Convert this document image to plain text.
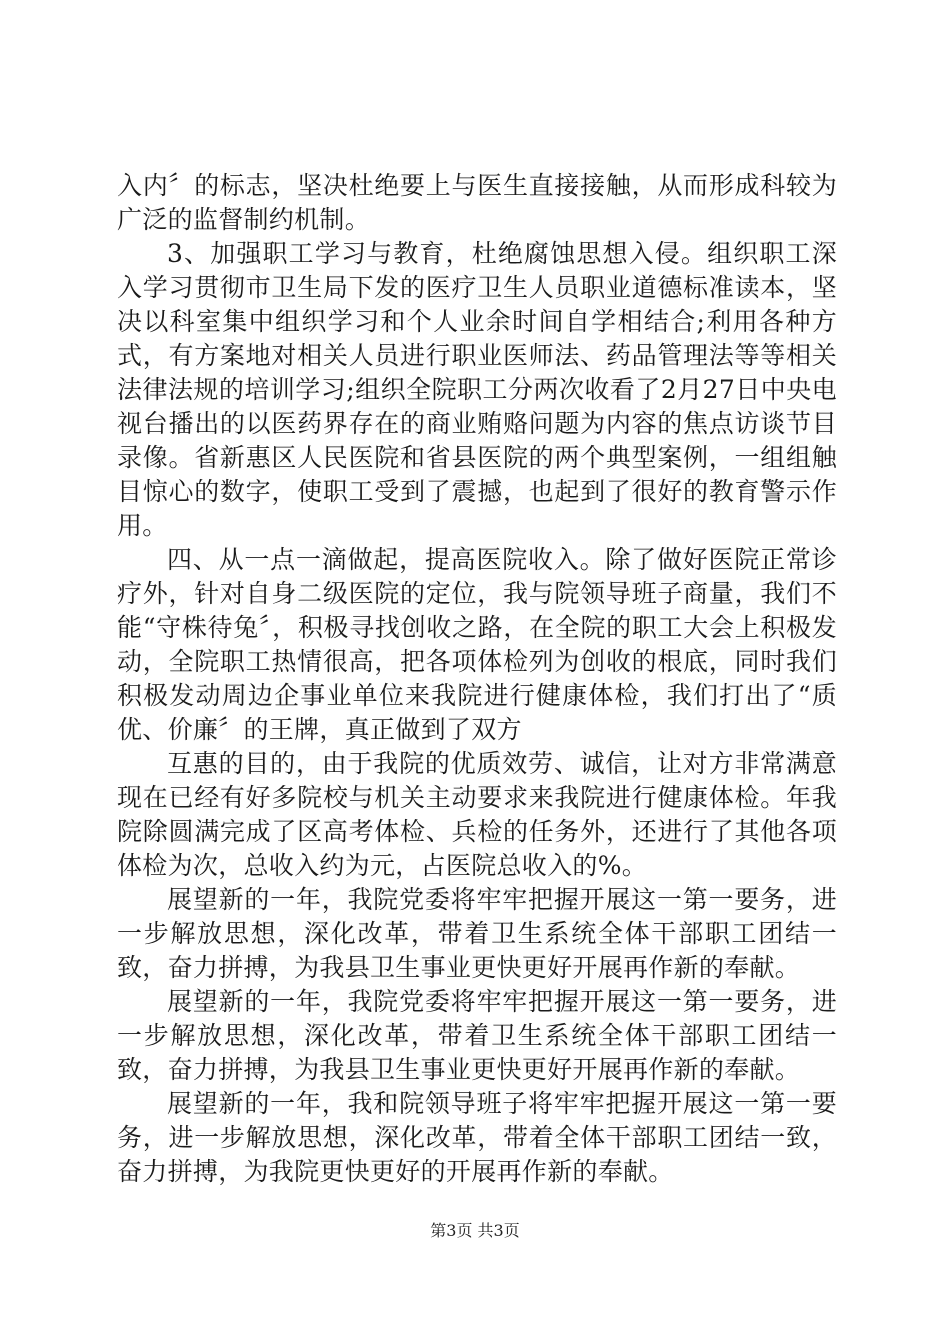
入内〞的标志，坚决杜绝要上与医生直接接触，从而形成科较为广泛的监督制约机制。

3、加强职工学习与教育，杜绝腐蚀思想入侵。组织职工深入学习贯彻市卫生局下发的医疗卫生人员职业道德标准读本，坚决以科室集中组织学习和个人业余时间自学相结合;利用各种方式，有方案地对相关人员进行职业医师法、药品管理法等等相关法律法规的培训学习;组织全院职工分两次收看了2月27日中央电视台播出的以医药界存在的商业贿赂问题为内容的焦点访谈节目录像。省新惠区人民医院和省县医院的两个典型案例，一组组触目惊心的数字，使职工受到了震撼，也起到了很好的教育警示作用。

四、从一点一滴做起，提高医院收入。除了做好医院正常诊疗外，针对自身二级医院的定位，我与院领导班子商量，我们不能“守株待兔〞，积极寻找创收之路，在全院的职工大会上积极发动，全院职工热情很高，把各项体检列为创收的根底，同时我们积极发动周边企事业单位来我院进行健康体检，我们打出了“质优、价廉〞的王牌，真正做到了双方

互惠的目的，由于我院的优质效劳、诚信，让对方非常满意现在已经有好多院校与机关主动要求来我院进行健康体检。年我院除圆满完成了区高考体检、兵检的任务外，还进行了其他各项体检为次，总收入约为元，占医院总收入的%。

展望新的一年，我院党委将牢牢把握开展这一第一要务，进一步解放思想，深化改革，带着卫生系统全体干部职工团结一致，奋力拼搏，为我县卫生事业更快更好开展再作新的奉献。

展望新的一年，我院党委将牢牢把握开展这一第一要务，进一步解放思想，深化改革，带着卫生系统全体干部职工团结一致，奋力拼搏，为我县卫生事业更快更好开展再作新的奉献。

展望新的一年，我和院领导班子将牢牢把握开展这一第一要务，进一步解放思想，深化改革，带着全体干部职工团结一致，奋力拼搏，为我院更快更好的开展再作新的奉献。

第3页 共3页
